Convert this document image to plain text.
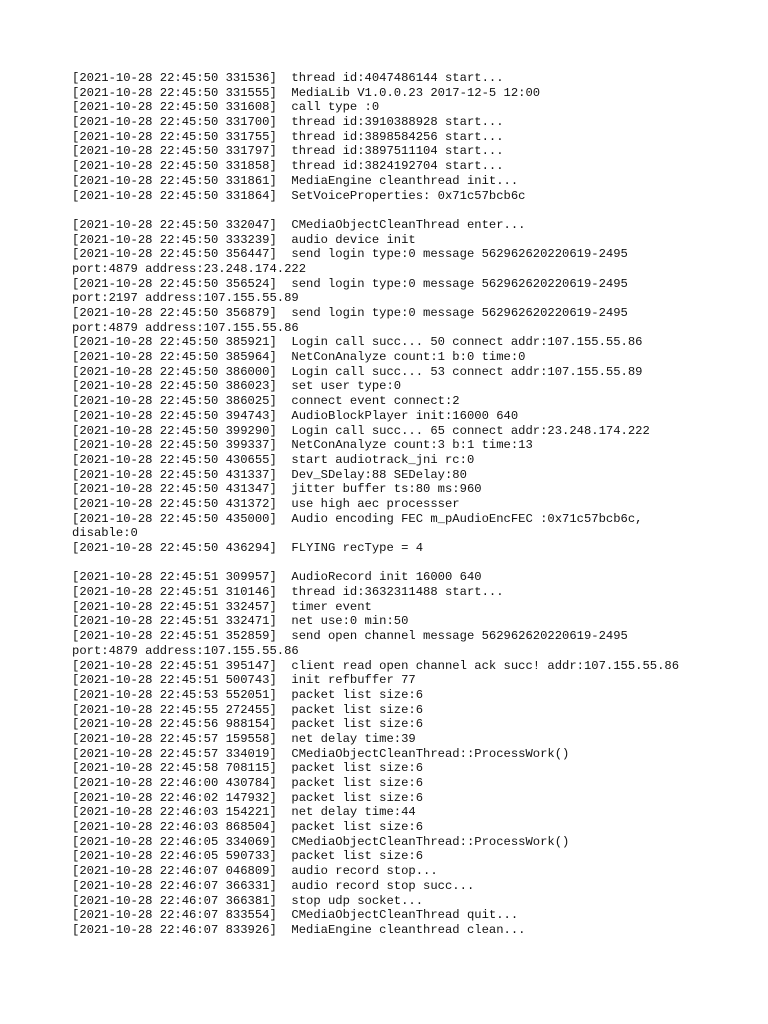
[2021-10-28 22:45:50 331536]  thread id:4047486144 start...
[2021-10-28 22:45:50 331555]  MediaLib V1.0.0.23 2017-12-5 12:00
[2021-10-28 22:45:50 331608]  call type :0
[2021-10-28 22:45:50 331700]  thread id:3910388928 start...
[2021-10-28 22:45:50 331755]  thread id:3898584256 start...
[2021-10-28 22:45:50 331797]  thread id:3897511104 start...
[2021-10-28 22:45:50 331858]  thread id:3824192704 start...
[2021-10-28 22:45:50 331861]  MediaEngine cleanthread init...
[2021-10-28 22:45:50 331864]  SetVoiceProperties: 0x71c57bcb6c
[2021-10-28 22:45:50 332047]  CMediaObjectCleanThread enter...
[2021-10-28 22:45:50 333239]  audio device init
[2021-10-28 22:45:50 356447]  send login type:0 message 562962620220619-2495
port:4879 address:23.248.174.222
[2021-10-28 22:45:50 356524]  send login type:0 message 562962620220619-2495
port:2197 address:107.155.55.89
[2021-10-28 22:45:50 356879]  send login type:0 message 562962620220619-2495
port:4879 address:107.155.55.86
[2021-10-28 22:45:50 385921]  Login call succ... 50 connect addr:107.155.55.86
[2021-10-28 22:45:50 385964]  NetConAnalyze count:1 b:0 time:0
[2021-10-28 22:45:50 386000]  Login call succ... 53 connect addr:107.155.55.89
[2021-10-28 22:45:50 386023]  set user type:0
[2021-10-28 22:45:50 386025]  connect event connect:2
[2021-10-28 22:45:50 394743]  AudioBlockPlayer init:16000 640
[2021-10-28 22:45:50 399290]  Login call succ... 65 connect addr:23.248.174.222
[2021-10-28 22:45:50 399337]  NetConAnalyze count:3 b:1 time:13
[2021-10-28 22:45:50 430655]  start audiotrack_jni rc:0
[2021-10-28 22:45:50 431337]  Dev_SDelay:88 SEDelay:80
[2021-10-28 22:45:50 431347]  jitter buffer ts:80 ms:960
[2021-10-28 22:45:50 431372]  use high aec processser
[2021-10-28 22:45:50 435000]  Audio encoding FEC m_pAudioEncFEC :0x71c57bcb6c,
disable:0
[2021-10-28 22:45:50 436294]  FLYING recType = 4
[2021-10-28 22:45:51 309957]  AudioRecord init 16000 640
[2021-10-28 22:45:51 310146]  thread id:3632311488 start...
[2021-10-28 22:45:51 332457]  timer event
[2021-10-28 22:45:51 332471]  net use:0 min:50
[2021-10-28 22:45:51 352859]  send open channel message 562962620220619-2495
port:4879 address:107.155.55.86
[2021-10-28 22:45:51 395147]  client read open channel ack succ! addr:107.155.55.86
[2021-10-28 22:45:51 500743]  init refbuffer 77
[2021-10-28 22:45:53 552051]  packet list size:6
[2021-10-28 22:45:55 272455]  packet list size:6
[2021-10-28 22:45:56 988154]  packet list size:6
[2021-10-28 22:45:57 159558]  net delay time:39
[2021-10-28 22:45:57 334019]  CMediaObjectCleanThread::ProcessWork()
[2021-10-28 22:45:58 708115]  packet list size:6
[2021-10-28 22:46:00 430784]  packet list size:6
[2021-10-28 22:46:02 147932]  packet list size:6
[2021-10-28 22:46:03 154221]  net delay time:44
[2021-10-28 22:46:03 868504]  packet list size:6
[2021-10-28 22:46:05 334069]  CMediaObjectCleanThread::ProcessWork()
[2021-10-28 22:46:05 590733]  packet list size:6
[2021-10-28 22:46:07 046809]  audio record stop...
[2021-10-28 22:46:07 366331]  audio record stop succ...
[2021-10-28 22:46:07 366381]  stop udp socket...
[2021-10-28 22:46:07 833554]  CMediaObjectCleanThread quit...
[2021-10-28 22:46:07 833926]  MediaEngine cleanthread clean...
